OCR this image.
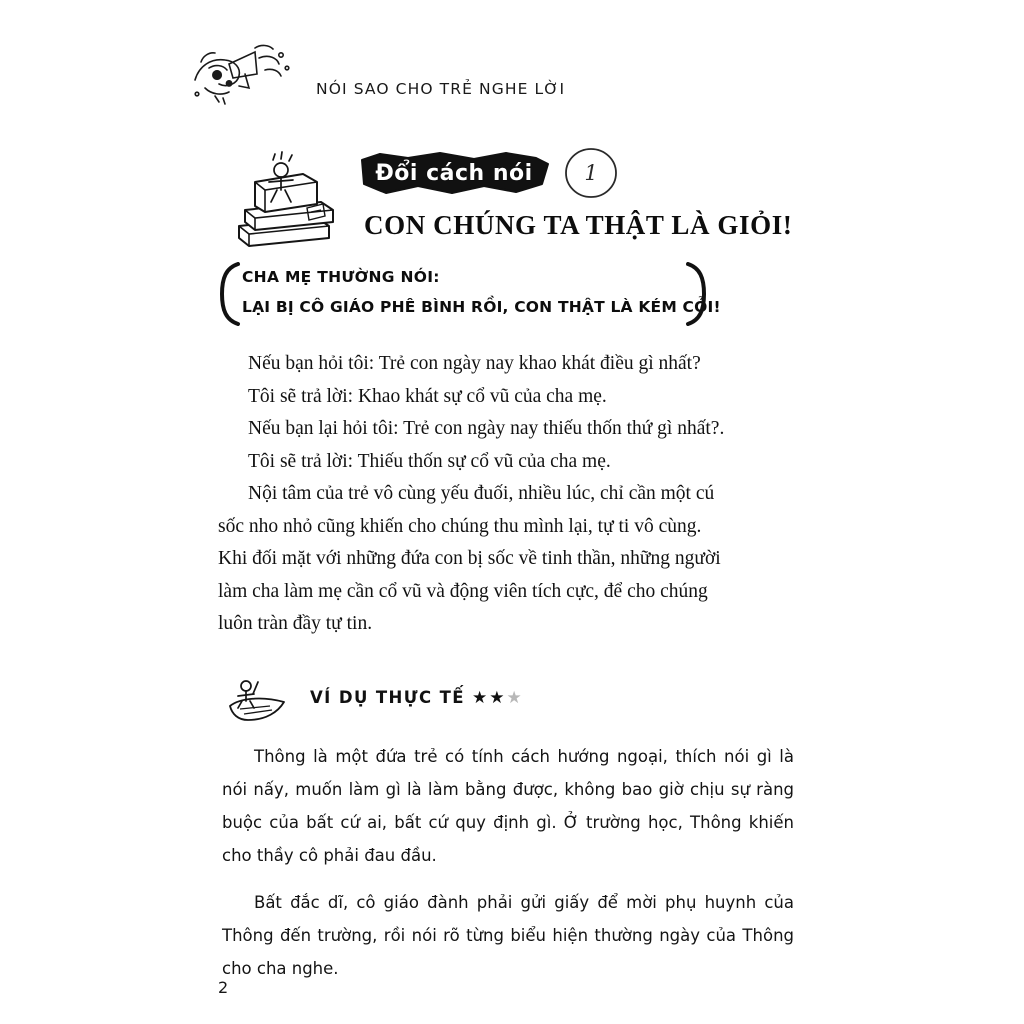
NÓI SAO CHO TRẺ NGHE LỜI
Đổi cách nói	1
CON CHÚNG TA THẬT LÀ GIỎI!
CHA MẸ THƯỜNG NÓI:
LẠI BỊ CÔ GIÁO PHÊ BÌNH RỒI, CON THẬT LÀ KÉM CỎI!
Nếu bạn hỏi tôi: Trẻ con ngày nay khao khát điều gì nhất?
Tôi sẽ trả lời: Khao khát sự cổ vũ của cha mẹ.
Nếu bạn lại hỏi tôi: Trẻ con ngày nay thiếu thốn thứ gì nhất?.
Tôi sẽ trả lời: Thiếu thốn sự cổ vũ của cha mẹ.
Nội tâm của trẻ vô cùng yếu đuối, nhiều lúc, chỉ cần một cú
sốc nho nhỏ cũng khiến cho chúng thu mình lại, tự ti vô cùng.
Khi đối mặt với những đứa con bị sốc về tinh thần, những người
làm cha làm mẹ cần cổ vũ và động viên tích cực, để cho chúng
luôn tràn đầy tự tin.
VÍ DỤ THỰC TẾ ★★★

Thông là một đứa trẻ có tính cách hướng ngoại, thích nói gì là nói nấy, muốn làm gì là làm bằng được, không bao giờ chịu sự ràng buộc của bất cứ ai, bất cứ quy định gì. Ở trường học, Thông khiến cho thầy cô phải đau đầu.

Bất đắc dĩ, cô giáo đành phải gửi giấy để mời phụ huynh của Thông đến trường, rồi nói rõ từng biểu hiện thường ngày của Thông cho cha nghe.

2
